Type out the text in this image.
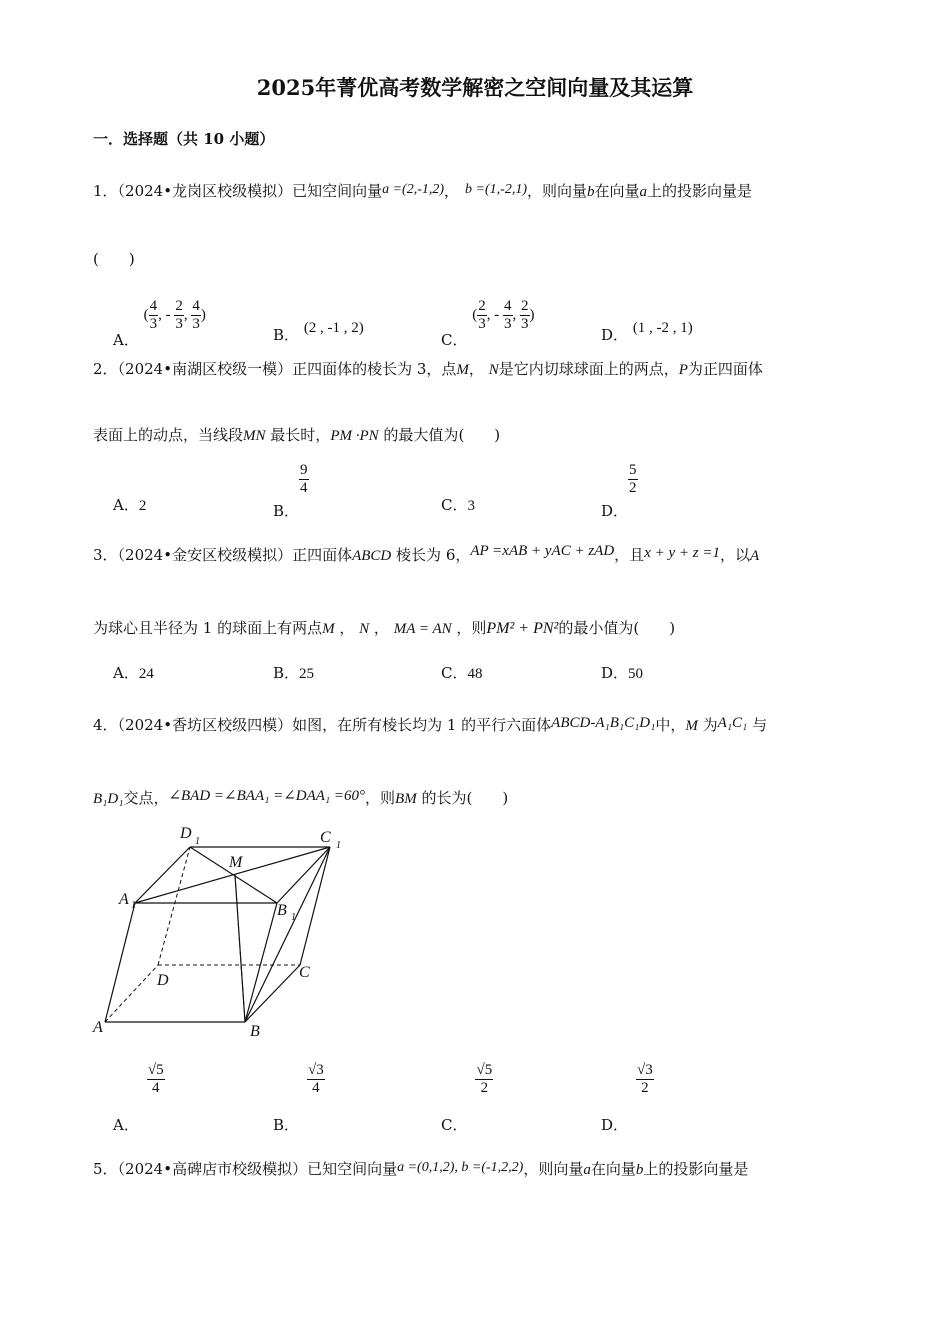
2025年菁优高考数学解密之空间向量及其运算
一．选择题（共 10 小题）
1．（2024•龙岗区校级模拟）已知空间向量a =(2,‑1,2)， b =(1,‑2,1)，则向量b在向量a上的投影向量是
(　　)
A． ( $\frac{4}{3}$ , ‑ $\frac{2}{3}$ , $\frac{4}{3}$ )
B． (2 , ‑1 , 2)
C． ( $\frac{2}{3}$ , ‑ $\frac{4}{3}$ , $\frac{2}{3}$ )
D． (1 , ‑2 , 1)
2．（2024•南湖区校级一模）正四面体的棱长为 3，点M， N是它内切球球面上的两点，P为正四面体
表面上的动点，当线段MN 最长时，PM ·PN 的最大值为(　　)
A．2	B．
$\frac{9}{4}$
C．3	D．
$\frac{5}{2}$
3．（2024•金安区校级模拟）正四面体ABCD 棱长为 6，AP =xAB + yAC + zAD，且x + y + z =1，以A
为球心且半径为 1 的球面上有两点M ， N ， MA = AN ，则PM² + PN²的最小值为(　　)
A．24	B．25	C．48	D．50
4．（2024•香坊区校级四模）如图，在所有棱长均为 1 的平行六面体ABCD‑A₁B₁C₁D₁中，M 为A₁C₁ 与
B₁D₁交点，∠BAD =∠BAA₁ =∠DAA₁ =60°，则BM 的长为(　　)
A	B
C
D
A 1	B 1
C 1
D 1
M
A．
$\frac{√5}{4}$
B．
$\frac{√3}{4}$
C．
$\frac{√5}{2}$
D．
$\frac{√3}{2}$
5．（2024•高碑店市校级模拟）已知空间向量a =(0,1,2), b =(‑1,2,2)，则向量a在向量b上的投影向量是
